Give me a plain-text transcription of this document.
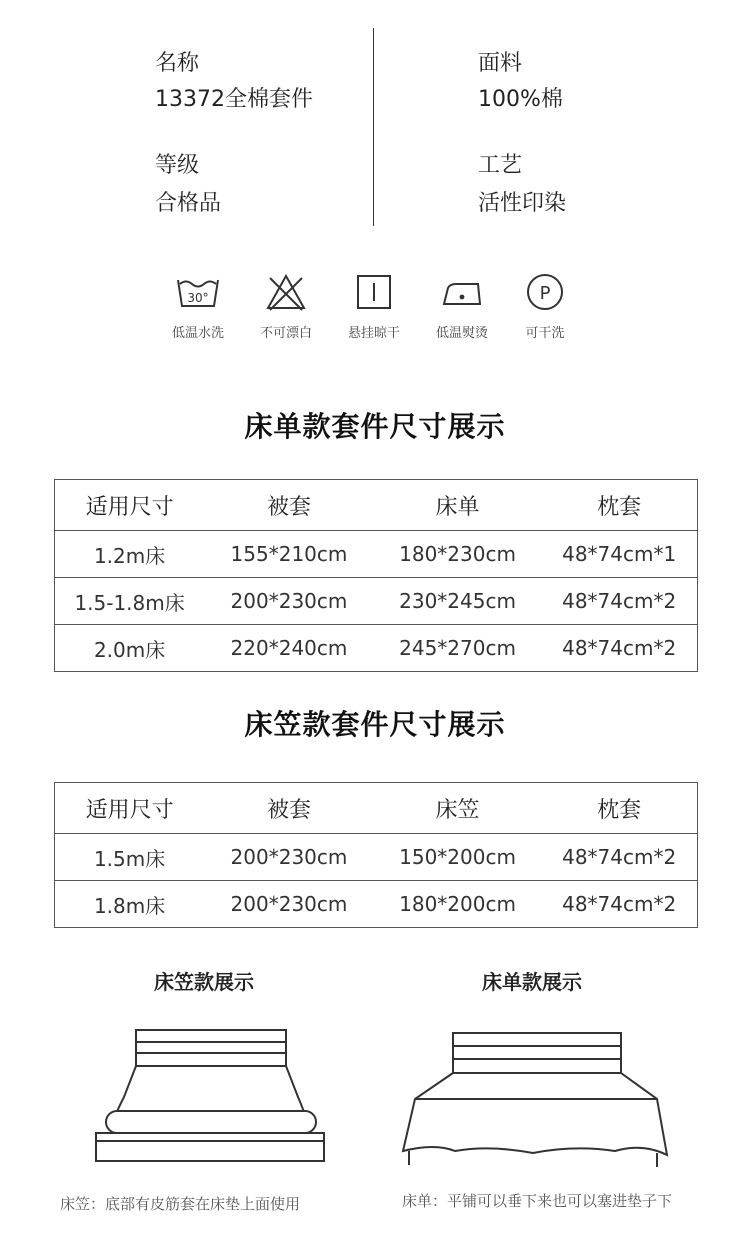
名称
13372全棉套件
等级
合格品
面料
100%棉
工艺
活性印染
30°
低温水洗	不可漂白	悬挂晾干	低温熨烫
P
可干洗
床单款套件尺寸展示
适用尺寸	被套	床单	枕套
1.2m床	155*210cm	180*230cm	48*74cm*1
1.5-1.8m床	200*230cm	230*245cm	48*74cm*2
2.0m床	220*240cm	245*270cm	48*74cm*2
床笠款套件尺寸展示
适用尺寸	被套	床笠	枕套
1.5m床	200*230cm	150*200cm	48*74cm*2
1.8m床	200*230cm	180*200cm	48*74cm*2
床笠款展示	床单款展示
床笠：底部有皮筋套在床垫上面使用	床单：平铺可以垂下来也可以塞进垫子下
